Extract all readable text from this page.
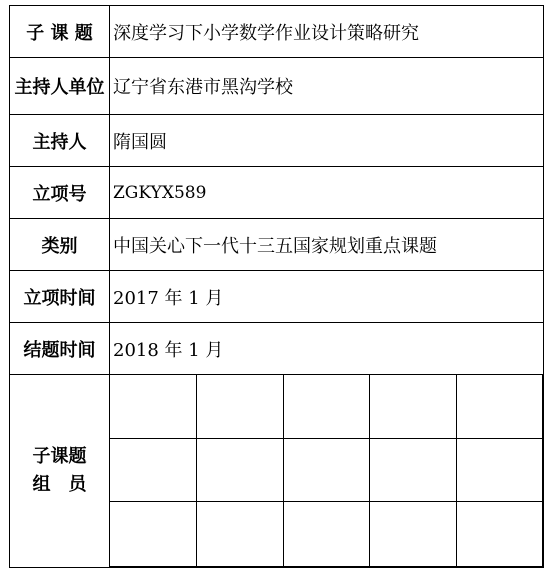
子 课 题	深度学习下小学数学作业设计策略研究
主持人单位	辽宁省东港市黑沟学校
主持人	隋国圆
立项号	ZGKYX589
类别	中国关心下一代十三五国家规划重点课题
立项时间	2017 年 1 月
结题时间	2018 年 1 月

子课题
组　员
